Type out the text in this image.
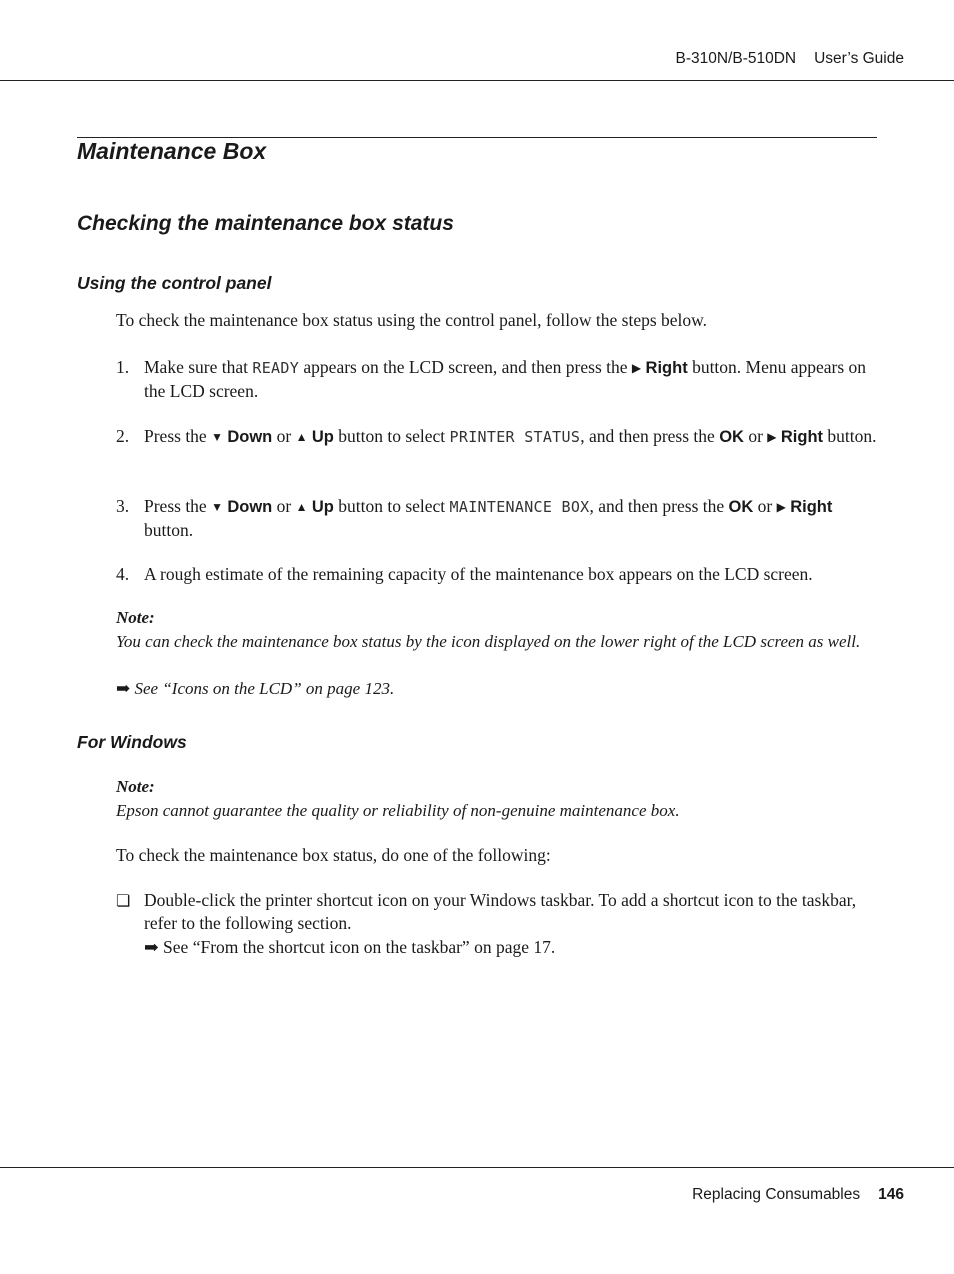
B-310N/B-510DN User’s Guide
Maintenance Box
Checking the maintenance box status
Using the control panel
To check the maintenance box status using the control panel, follow the steps below.
1. Make sure that READY appears on the LCD screen, and then press the ▶ Right button. Menu appears on the LCD screen.
2. Press the ▼ Down or ▲ Up button to select PRINTER STATUS, and then press the OK or ▶ Right button.
3. Press the ▼ Down or ▲ Up button to select MAINTENANCE BOX, and then press the OK or ▶ Right button.
4. A rough estimate of the remaining capacity of the maintenance box appears on the LCD screen.
Note:
You can check the maintenance box status by the icon displayed on the lower right of the LCD screen as well.
➡ See “Icons on the LCD” on page 123.
For Windows
Note:
Epson cannot guarantee the quality or reliability of non-genuine maintenance box.
To check the maintenance box status, do one of the following:
❏ Double-click the printer shortcut icon on your Windows taskbar. To add a shortcut icon to the taskbar, refer to the following section.
➡ See “From the shortcut icon on the taskbar” on page 17.
Replacing Consumables 146
